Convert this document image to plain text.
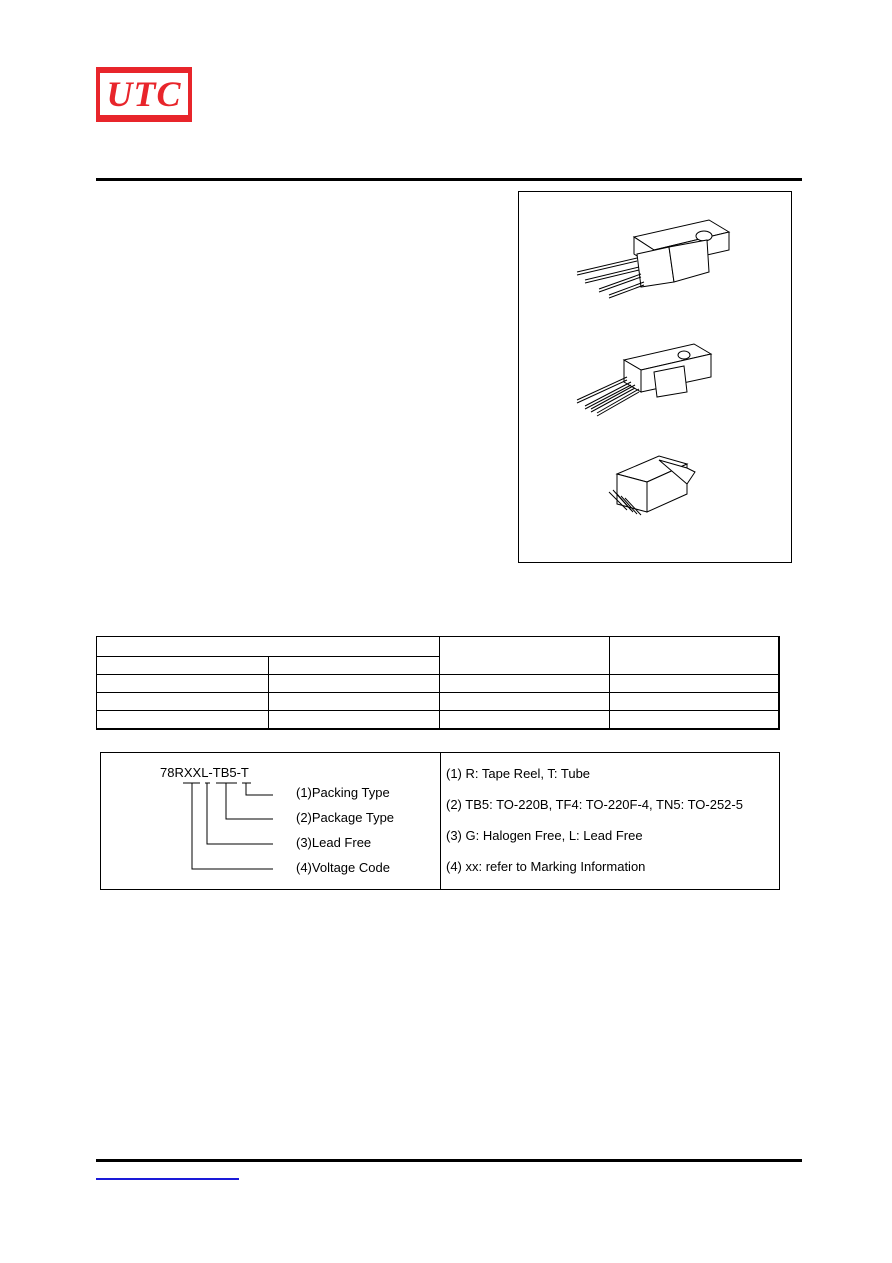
UTC

78RXXL-TB5-T
(1)Packing Type
(2)Package Type
(3)Lead Free
(4)Voltage Code
(1) R: Tape Reel, T: Tube
(2) TB5: TO-220B, TF4: TO-220F-4, TN5: TO-252-5
(3) G: Halogen Free, L: Lead Free
(4) xx: refer to Marking Information
